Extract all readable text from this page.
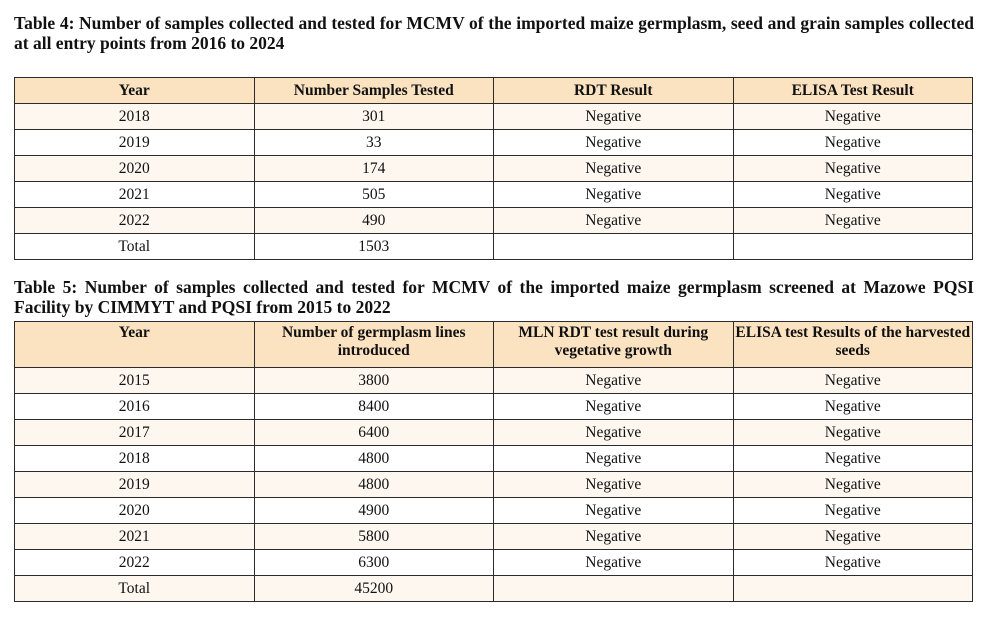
Table 4: Number of samples collected and tested for MCMV of the imported maize germplasm, seed and grain samples collected at all entry points from 2016 to 2024
Year	Number Samples Tested	RDT Result	ELISA Test Result
2018	301	Negative	Negative
2019	33	Negative	Negative
2020	174	Negative	Negative
2021	505	Negative	Negative
2022	490	Negative	Negative
Total	1503		
Table 5: Number of samples collected and tested for MCMV of the imported maize germplasm screened at Mazowe PQSI Facility by CIMMYT and PQSI from 2015 to 2022
Year	Number of germplasm lines introduced	MLN RDT test result during vegetative growth	ELISA test Results of the harvested seeds
2015	3800	Negative	Negative
2016	8400	Negative	Negative
2017	6400	Negative	Negative
2018	4800	Negative	Negative
2019	4800	Negative	Negative
2020	4900	Negative	Negative
2021	5800	Negative	Negative
2022	6300	Negative	Negative
Total	45200		
